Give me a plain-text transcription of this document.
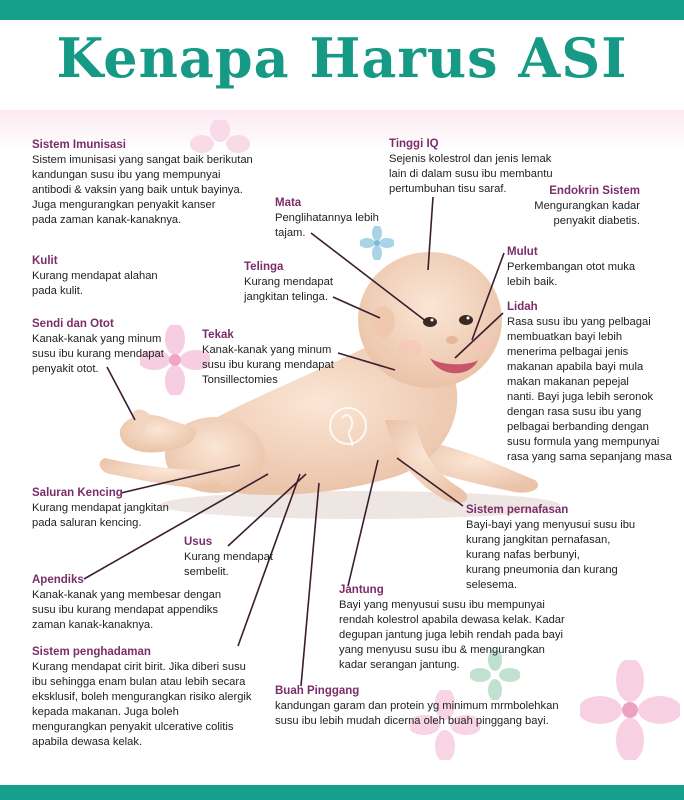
Kenapa Harus ASI
Sistem Imunisasi
Sistem imunisasi yang sangat baik berikutan
kandungan susu ibu yang mempunyai
antibodi & vaksin yang baik untuk bayinya.
Juga mengurangkan penyakit kanser
pada zaman kanak-kanaknya.
Tinggi IQ
Sejenis kolestrol dan jenis lemak
lain di dalam susu ibu membantu
pertumbuhan tisu saraf.	Endokrin Sistem
Mengurangkan kadar
penyakit diabetis.
Mata
Penglihatannya lebih
tajam.
Kulit
Kurang mendapat alahan
pada kulit.
Telinga
Kurang mendapat
jangkitan telinga.
Mulut
Perkembangan otot muka
lebih baik.
Sendi dan Otot
Kanak-kanak yang minum
susu ibu kurang mendapat
penyakit otot.
Tekak
Kanak-kanak yang minum
susu ibu kurang mendapat
Tonsillectomies
Lidah
Rasa susu ibu yang pelbagai
membuatkan bayi lebih
menerima pelbagai jenis
makanan apabila bayi mula
makan makanan pepejal
nanti. Bayi juga lebih seronok
dengan rasa susu ibu yang
pelbagai berbanding dengan
susu formula yang mempunyai
rasa yang sama sepanjang masa
Saluran Kencing
Kurang mendapat jangkitan
pada saluran kencing.
Sistem pernafasan
Bayi-bayi yang menyusui susu ibu
kurang jangkitan pernafasan,
kurang nafas berbunyi,
kurang pneumonia dan kurang
selesema.
Usus
Kurang mendapat
sembelit.
Apendiks
Kanak-kanak yang membesar dengan
susu ibu kurang mendapat appendiks
zaman kanak-kanaknya.
Jantung
Bayi yang menyusui susu ibu mempunyai
rendah kolestrol apabila dewasa kelak. Kadar
degupan jantung juga lebih rendah pada bayi
yang menyusu susu ibu & mengurangkan
kadar serangan jantung.
Sistem penghadaman
Kurang mendapat cirit birit. Jika diberi susu
ibu sehingga enam bulan atau lebih secara
eksklusif, boleh mengurangkan risiko alergik
kepada makanan. Juga boleh
mengurangkan penyakit ulcerative colitis
apabila dewasa kelak.
Buah Pinggang
kandungan garam dan protein yg minimum mrmbolehkan
susu ibu lebih mudah dicerna oleh buah pinggang bayi.
